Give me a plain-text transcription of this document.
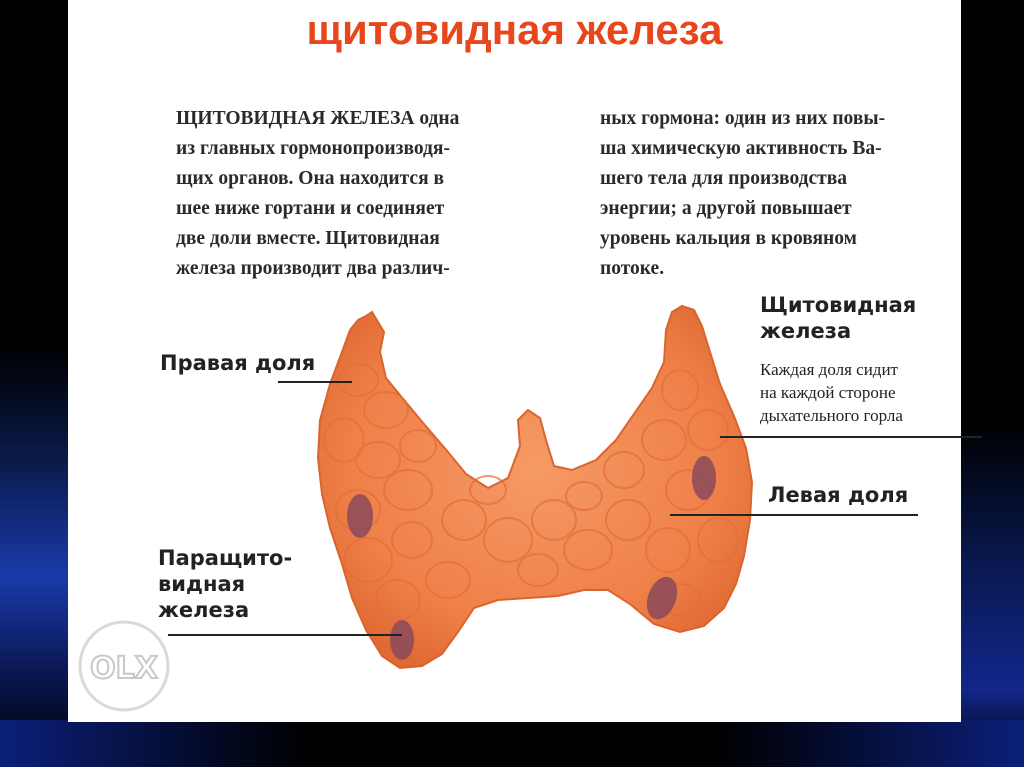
щитовидная железа

ЩИТОВИДНАЯ ЖЕЛЕЗА одна
из главных гормонопроизводя-
щих органов. Она находится в
шее ниже гортани и соединяет
две доли вместе. Щитовидная
железа производит два различ-

ных гормона: один из них повы-
ша химическую активность Ва-
шего тела для производства
энергии; а другой повышает
уровень кальция в кровяном
потоке.

Правая доля
Щитовидная
железа
Каждая доля сидит
на каждой стороне
дыхательного горла
Левая доля
Паращито-
видная
железа
OLX
